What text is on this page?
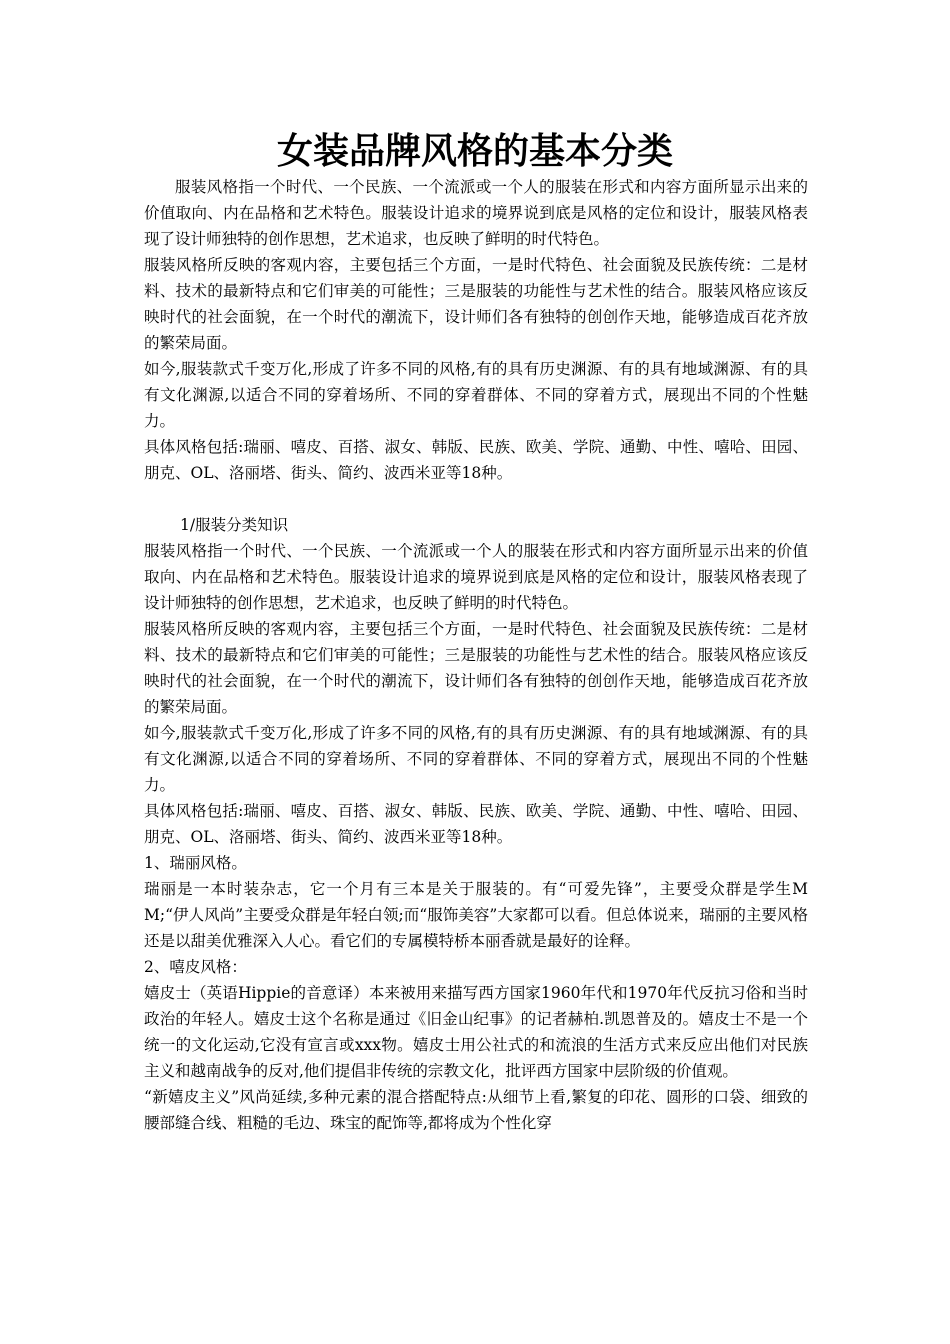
女装品牌风格的基本分类

服装风格指一个时代、一个民族、一个流派或一个人的服装在形式和内容方面所显示出来的价值取向、内在品格和艺术特色。服装设计追求的境界说到底是风格的定位和设计，服装风格表现了设计师独特的创作思想，艺术追求，也反映了鲜明的时代特色。

服装风格所反映的客观内容，主要包括三个方面，一是时代特色、社会面貌及民族传统：二是材料、技术的最新特点和它们审美的可能性；三是服装的功能性与艺术性的结合。服装风格应该反映时代的社会面貌，在一个时代的潮流下，设计师们各有独特的创创作天地，能够造成百花齐放的繁荣局面。

如今,服装款式千变万化,形成了许多不同的风格,有的具有历史渊源、有的具有地域渊源、有的具有文化渊源,以适合不同的穿着场所、不同的穿着群体、不同的穿着方式，展现出不同的个性魅力。

具体风格包括:瑞丽、嘻皮、百搭、淑女、韩版、民族、欧美、学院、通勤、中性、嘻哈、田园、朋克、OL、洛丽塔、街头、简约、波西米亚等18种。

1/服装分类知识

服装风格指一个时代、一个民族、一个流派或一个人的服装在形式和内容方面所显示出来的价值取向、内在品格和艺术特色。服装设计追求的境界说到底是风格的定位和设计，服装风格表现了设计师独特的创作思想，艺术追求，也反映了鲜明的时代特色。

服装风格所反映的客观内容，主要包括三个方面，一是时代特色、社会面貌及民族传统：二是材料、技术的最新特点和它们审美的可能性；三是服装的功能性与艺术性的结合。服装风格应该反映时代的社会面貌，在一个时代的潮流下，设计师们各有独特的创创作天地，能够造成百花齐放的繁荣局面。

如今,服装款式千变万化,形成了许多不同的风格,有的具有历史渊源、有的具有地域渊源、有的具有文化渊源,以适合不同的穿着场所、不同的穿着群体、不同的穿着方式，展现出不同的个性魅力。

具体风格包括:瑞丽、嘻皮、百搭、淑女、韩版、民族、欧美、学院、通勤、中性、嘻哈、田园、朋克、OL、洛丽塔、街头、简约、波西米亚等18种。

1、瑞丽风格。

瑞丽是一本时装杂志，它一个月有三本是关于服装的。有“可爱先锋”，主要受众群是学生MM;“伊人风尚”主要受众群是年轻白领;而“服饰美容”大家都可以看。但总体说来，瑞丽的主要风格还是以甜美优雅深入人心。看它们的专属模特桥本丽香就是最好的诠释。

2、嘻皮风格：

嬉皮士（英语Hippie的音意译）本来被用来描写西方国家1960年代和1970年代反抗习俗和当时政治的年轻人。嬉皮士这个名称是通过《旧金山纪事》的记者赫柏.凯恩普及的。嬉皮士不是一个统一的文化运动,它没有宣言或xxx物。嬉皮士用公社式的和流浪的生活方式来反应出他们对民族主义和越南战争的反对,他们提倡非传统的宗教文化，批评西方国家中层阶级的价值观。

“新嬉皮主义”风尚延续,多种元素的混合搭配特点:从细节上看,繁复的印花、圆形的口袋、细致的腰部缝合线、粗糙的毛边、珠宝的配饰等,都将成为个性化穿
